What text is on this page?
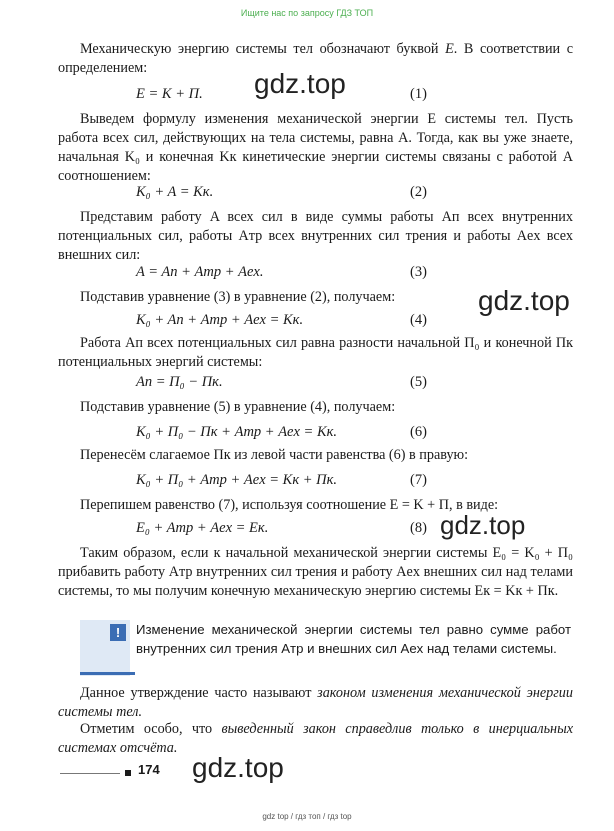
Ищите нас по запросу ГДЗ ТОП
Механическую энергию системы тел обозначают буквой E. В соответствии с определением:
E = K + П.	(1)
Выведем формулу изменения механической энергии E системы тел. Пусть работа всех сил, действующих на тела системы, равна A. Тогда, как вы уже знаете, начальная K₀ и конечная Kк кинетические энергии системы связаны с работой A соотношением:
K₀ + A = Kк.	(2)
Представим работу A всех сил в виде суммы работы Aп всех внутренних потенциальных сил, работы Aтр всех внутренних сил трения и работы Aex всех внешних сил:
A = Aп + Aтр + Aex.	(3)
Подставив уравнение (3) в уравнение (2), получаем:
K₀ + Aп + Aтр + Aex = Kк.	(4)
Работа Aп всех потенциальных сил равна разности начальной П₀ и конечной Пк потенциальных энергий системы:
Aп = П₀ − Пк.	(5)
Подставив уравнение (5) в уравнение (4), получаем:
K₀ + П₀ − Пк + Aтр + Aex = Kк.	(6)
Перенесём слагаемое Пк из левой части равенства (6) в правую:
K₀ + П₀ + Aтр + Aex = Kк + Пк.	(7)
Перепишем равенство (7), используя соотношение E = K + П, в виде:
E₀ + Aтр + Aex = Eк.	(8)
Таким образом, если к начальной механической энергии системы E₀ = K₀ + П₀ прибавить работу Aтр внутренних сил трения и работу Aex внешних сил над телами системы, то мы получим конечную механическую энергию системы Eк = Kк + Пк.
!	Изменение механической энергии системы тел равно сумме работ внутренних сил трения Aтр и внешних сил Aex над телами системы.
Данное утверждение часто называют законом изменения механической энергии системы тел.
Отметим особо, что выведенный закон справедлив только в инерциальных системах отсчёта.
gdz.top
gdz.top
gdz.top
gdz.top
174
gdz top / гдз топ / гдз top
